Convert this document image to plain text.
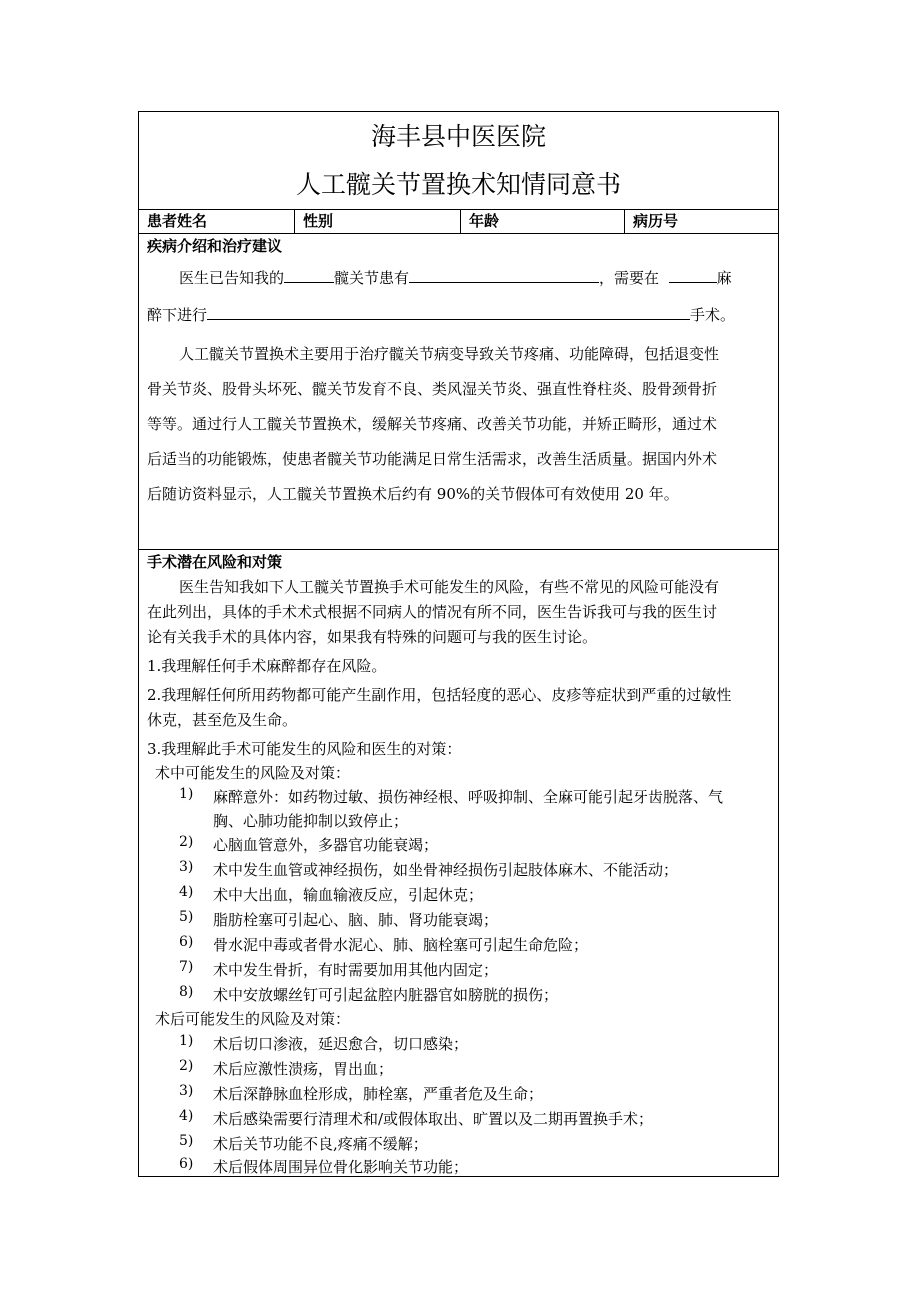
海丰县中医医院
人工髋关节置换术知情同意书
患者姓名	性别	年龄	病历号
疾病介绍和治疗建议
医生已告知我的	髋关节患有	，需要在	麻
醉下进行	手术。
人工髋关节置换术主要用于治疗髋关节病变导致关节疼痛、功能障碍，包括退变性
骨关节炎、股骨头坏死、髋关节发育不良、类风湿关节炎、强直性脊柱炎、股骨颈骨折
等等。通过行人工髋关节置换术，缓解关节疼痛、改善关节功能，并矫正畸形，通过术
后适当的功能锻炼，使患者髋关节功能满足日常生活需求，改善生活质量。据国内外术
后随访资料显示，人工髋关节置换术后约有 90%的关节假体可有效使用 20 年。
手术潜在风险和对策
医生告知我如下人工髋关节置换手术可能发生的风险，有些不常见的风险可能没有
在此列出，具体的手术术式根据不同病人的情况有所不同，医生告诉我可与我的医生讨
论有关我手术的具体内容，如果我有特殊的问题可与我的医生讨论。
1.我理解任何手术麻醉都存在风险。
2.我理解任何所用药物都可能产生副作用，包括轻度的恶心、皮疹等症状到严重的过敏性
休克，甚至危及生命。
3.我理解此手术可能发生的风险和医生的对策：
术中可能发生的风险及对策：
1)	麻醉意外：如药物过敏、损伤神经根、呼吸抑制、全麻可能引起牙齿脱落、气
胸、心肺功能抑制以致停止；
2)	心脑血管意外，多器官功能衰竭；
3)	术中发生血管或神经损伤，如坐骨神经损伤引起肢体麻木、不能活动；
4)	术中大出血，输血输液反应，引起休克；
5)	脂肪栓塞可引起心、脑、肺、肾功能衰竭；
6)	骨水泥中毒或者骨水泥心、肺、脑栓塞可引起生命危险；
7)	术中发生骨折，有时需要加用其他内固定；
8)	术中安放螺丝钉可引起盆腔内脏器官如膀胱的损伤；
术后可能发生的风险及对策：
1)	术后切口渗液，延迟愈合，切口感染；
2)	术后应激性溃疡，胃出血；
3)	术后深静脉血栓形成，肺栓塞，严重者危及生命；
4)	术后感染需要行清理术和/或假体取出、旷置以及二期再置换手术；
5)	术后关节功能不良,疼痛不缓解；
6)	术后假体周围异位骨化影响关节功能；
